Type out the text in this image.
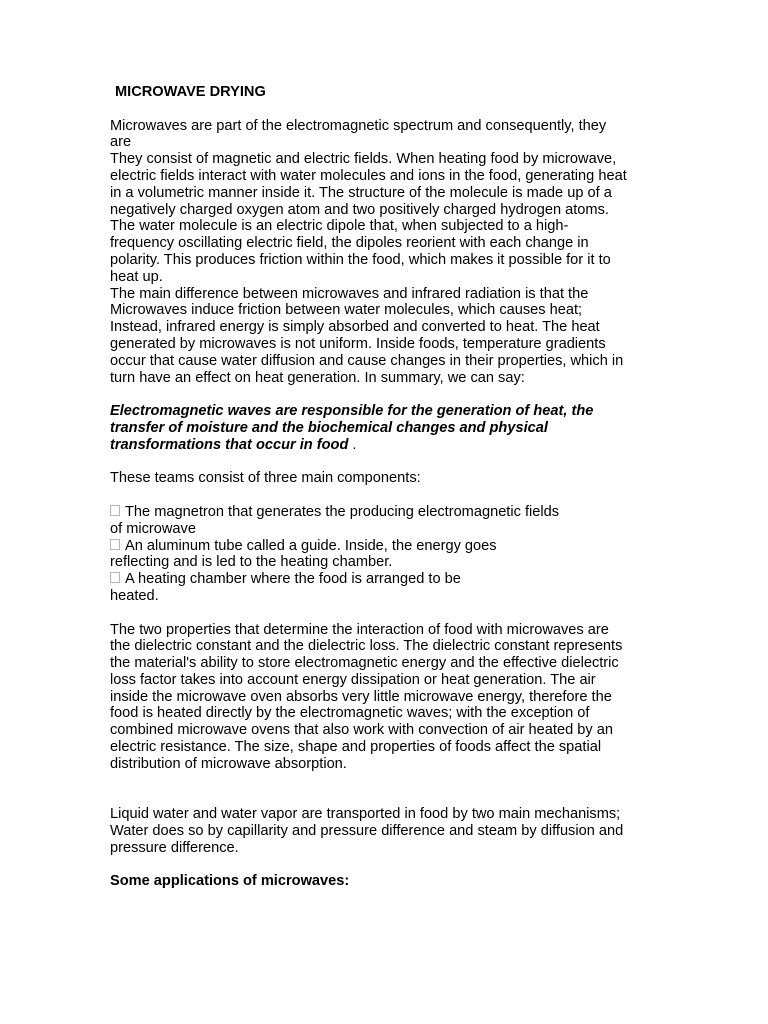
MICROWAVE DRYING
Microwaves are part of the electromagnetic spectrum and consequently, they
are
They consist of magnetic and electric fields. When heating food by microwave,
electric fields interact with water molecules and ions in the food, generating heat
in a volumetric manner inside it. The structure of the molecule is made up of a
negatively charged oxygen atom and two positively charged hydrogen atoms.
The water molecule is an electric dipole that, when subjected to a high-
frequency oscillating electric field, the dipoles reorient with each change in
polarity. This produces friction within the food, which makes it possible for it to
heat up.
The main difference between microwaves and infrared radiation is that the
Microwaves induce friction between water molecules, which causes heat;
Instead, infrared energy is simply absorbed and converted to heat. The heat
generated by microwaves is not uniform. Inside foods, temperature gradients
occur that cause water diffusion and cause changes in their properties, which in
turn have an effect on heat generation. In summary, we can say:
Electromagnetic waves are responsible for the generation of heat, the
transfer of moisture and the biochemical changes and physical
transformations that occur in food .
These teams consist of three main components:
The magnetron that generates the producing electromagnetic fields
of microwave
An aluminum tube called a guide. Inside, the energy goes
reflecting and is led to the heating chamber.
A heating chamber where the food is arranged to be
heated.
The two properties that determine the interaction of food with microwaves are
the dielectric constant and the dielectric loss. The dielectric constant represents
the material's ability to store electromagnetic energy and the effective dielectric
loss factor takes into account energy dissipation or heat generation. The air
inside the microwave oven absorbs very little microwave energy, therefore the
food is heated directly by the electromagnetic waves; with the exception of
combined microwave ovens that also work with convection of air heated by an
electric resistance. The size, shape and properties of foods affect the spatial
distribution of microwave absorption.
Liquid water and water vapor are transported in food by two main mechanisms;
Water does so by capillarity and pressure difference and steam by diffusion and
pressure difference.
Some applications of microwaves:
